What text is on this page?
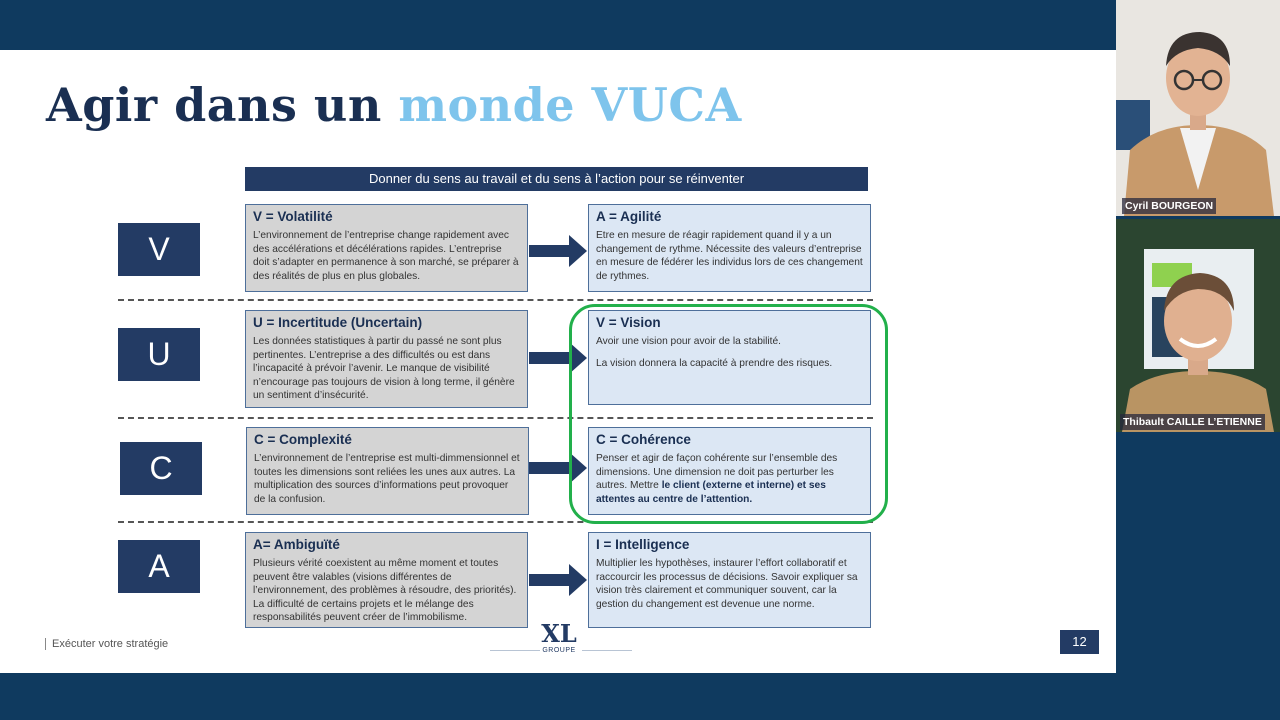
Agir dans un monde VUCA
Donner du sens au travail et du sens à l’action pour se réinventer
V
V = Volatilité
L’environnement de l’entreprise change rapidement avec des accélérations et décélérations rapides. L’entreprise doit s’adapter en permanence à son marché, se préparer à des réalités de plus en plus globales.
A = Agilité
Etre en mesure de réagir rapidement quand il y a un changement de rythme. Nécessite des valeurs d’entreprise en mesure de fédérer les individus lors de ces changement de rythmes.
U
U = Incertitude (Uncertain)
Les données statistiques à partir du passé ne sont plus pertinentes. L’entreprise a des difficultés ou est dans l’incapacité à prévoir l’avenir. Le manque de visibilité n’encourage pas toujours de vision à long terme, il génère un sentiment d’insécurité.
V = Vision

Avoir une vision pour avoir de la stabilité.

La vision donnera la capacité à prendre des risques.

C
C = Complexité
L’environnement de l’entreprise est multi-dimmensionnel et toutes les dimensions sont reliées les unes aux autres. La multiplication des sources d’informations peut provoquer de la confusion.
C = Cohérence
Penser et agir de façon cohérente sur l’ensemble des dimensions. Une dimension ne doit pas perturber les autres. Mettre le client (externe et interne) et ses attentes au centre de l’attention.
A
A= Ambiguïté
Plusieurs vérité coexistent au même moment et toutes peuvent être valables (visions différentes de l’environnement, des problèmes à résoudre, des priorités). La difficulté de certains projets et le mélange des responsabilités peuvent créer de l’immobilisme.
I = Intelligence
Multiplier les hypothèses, instaurer l’effort collaboratif et raccourcir les processus de décisions. Savoir expliquer sa vision très clairement et communiquer souvent, car la gestion du changement est devenue une norme.
Exécuter votre stratégie	XL
GROUPE
12
Cyril BOURGEON
Thibault CAILLE L’ETIENNE
